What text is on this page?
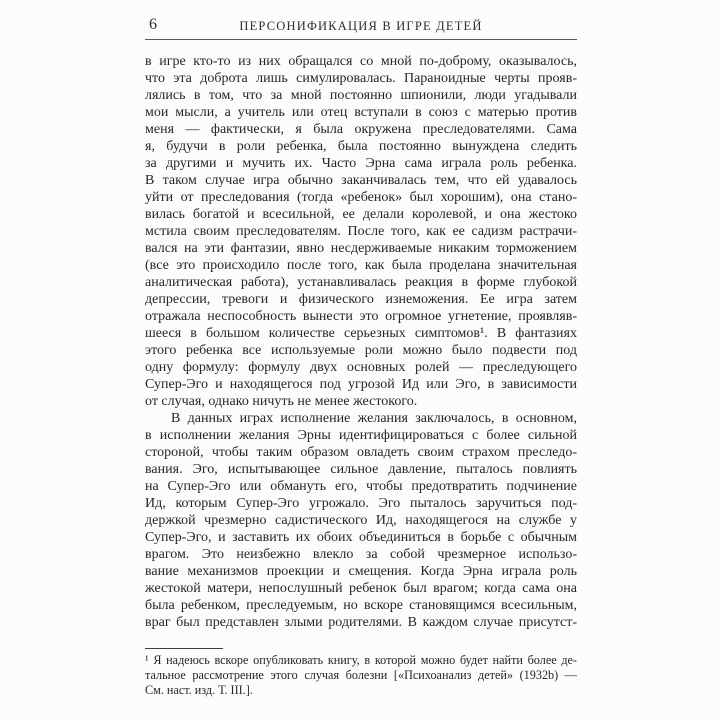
6	ПЕРСОНИФИКАЦИЯ В ИГРЕ ДЕТЕЙ
в игре кто-то из них обращался со мной по-доброму, оказывалось,
что эта доброта лишь симулировалась. Параноидные черты прояв-
лялись в том, что за мной постоянно шпионили, люди угадывали
мои мысли, а учитель или отец вступали в союз с матерью против
меня — фактически, я была окружена преследователями. Сама
я, будучи в роли ребенка, была постоянно вынуждена следить
за другими и мучить их. Часто Эрна сама играла роль ребенка.
В таком случае игра обычно заканчивалась тем, что ей удавалось
уйти от преследования (тогда «ребенок» был хорошим), она стано-
вилась богатой и всесильной, ее делали королевой, и она жестоко
мстила своим преследователям. После того, как ее садизм растрачи-
вался на эти фантазии, явно несдерживаемые никаким торможением
(все это происходило после того, как была проделана значительная
аналитическая работа), устанавливалась реакция в форме глубокой
депрессии, тревоги и физического изнеможения. Ее игра затем
отражала неспособность вынести это огромное угнетение, проявляв-
шееся в большом количестве серьезных симптомов¹. В фантазиях
этого ребенка все используемые роли можно было подвести под
одну формулу: формулу двух основных ролей — преследующего
Супер-Эго и находящегося под угрозой Ид или Эго, в зависимости
от случая, однако ничуть не менее жестокого.
В данных играх исполнение желания заключалось, в основном,
в исполнении желания Эрны идентифицироваться с более сильной
стороной, чтобы таким образом овладеть своим страхом преследо-
вания. Эго, испытывающее сильное давление, пыталось повлиять
на Супер-Эго или обмануть его, чтобы предотвратить подчинение
Ид, которым Супер-Эго угрожало. Эго пыталось заручиться под-
держкой чрезмерно садистического Ид, находящегося на службе у
Супер-Эго, и заставить их обоих объединиться в борьбе с обычным
врагом. Это неизбежно влекло за собой чрезмерное использо-
вание механизмов проекции и смещения. Когда Эрна играла роль
жестокой матери, непослушный ребенок был врагом; когда сама она
была ребенком, преследуемым, но вскоре становящимся всесильным,
враг был представлен злыми родителями. В каждом случае присутст-
¹ Я надеюсь вскоре опубликовать книгу, в которой можно будет найти более де-
тальное рассмотрение этого случая болезни [«Психоанализ детей» (1932b) —
См. наст. изд. Т. III.].
